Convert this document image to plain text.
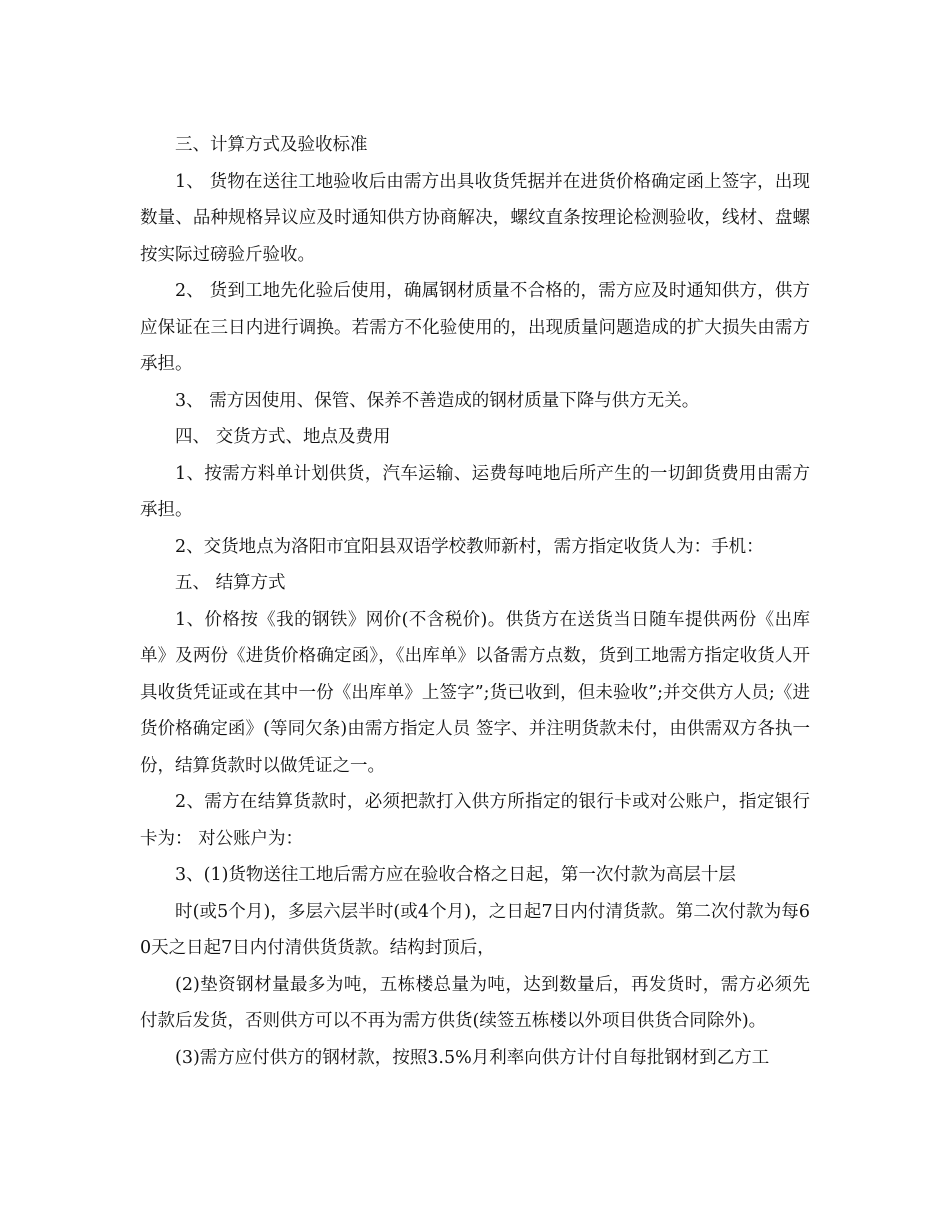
三、计算方式及验收标准

1、 货物在送往工地验收后由需方出具收货凭据并在进货价格确定函上签字，出现数量、品种规格异议应及时通知供方协商解决，螺纹直条按理论检测验收，线材、盘螺按实际过磅验斤验收。

2、 货到工地先化验后使用，确属钢材质量不合格的，需方应及时通知供方，供方应保证在三日内进行调换。若需方不化验使用的，出现质量问题造成的扩大损失由需方承担。

3、 需方因使用、保管、保养不善造成的钢材质量下降与供方无关。

四、 交货方式、地点及费用

1、按需方料单计划供货，汽车运输、运费每吨地后所产生的一切卸货费用由需方承担。

2、交货地点为洛阳市宜阳县双语学校教师新村，需方指定收货人为：手机：

五、 结算方式

1、价格按《我的钢铁》网价(不含税价)。供货方在送货当日随车提供两份《出库单》及两份《进货价格确定函》，《出库单》以备需方点数，货到工地需方指定收货人开具收货凭证或在其中一份《出库单》上签字”;货已收到，但未验收”;并交供方人员;《进货价格确定函》(等同欠条)由需方指定人员 签字、并注明货款未付，由供需双方各执一份，结算货款时以做凭证之一。

2、需方在结算货款时，必须把款打入供方所指定的银行卡或对公账户，指定银行卡为： 对公账户为：

3、(1)货物送往工地后需方应在验收合格之日起，第一次付款为高层十层

时(或5个月)，多层六层半时(或4个月)，之日起7日内付清货款。第二次付款为每60天之日起7日内付清供货货款。结构封顶后，

(2)垫资钢材量最多为吨，五栋楼总量为吨，达到数量后，再发货时，需方必须先付款后发货，否则供方可以不再为需方供货(续签五栋楼以外项目供货合同除外)。

(3)需方应付供方的钢材款，按照3.5%月利率向供方计付自每批钢材到乙方工
